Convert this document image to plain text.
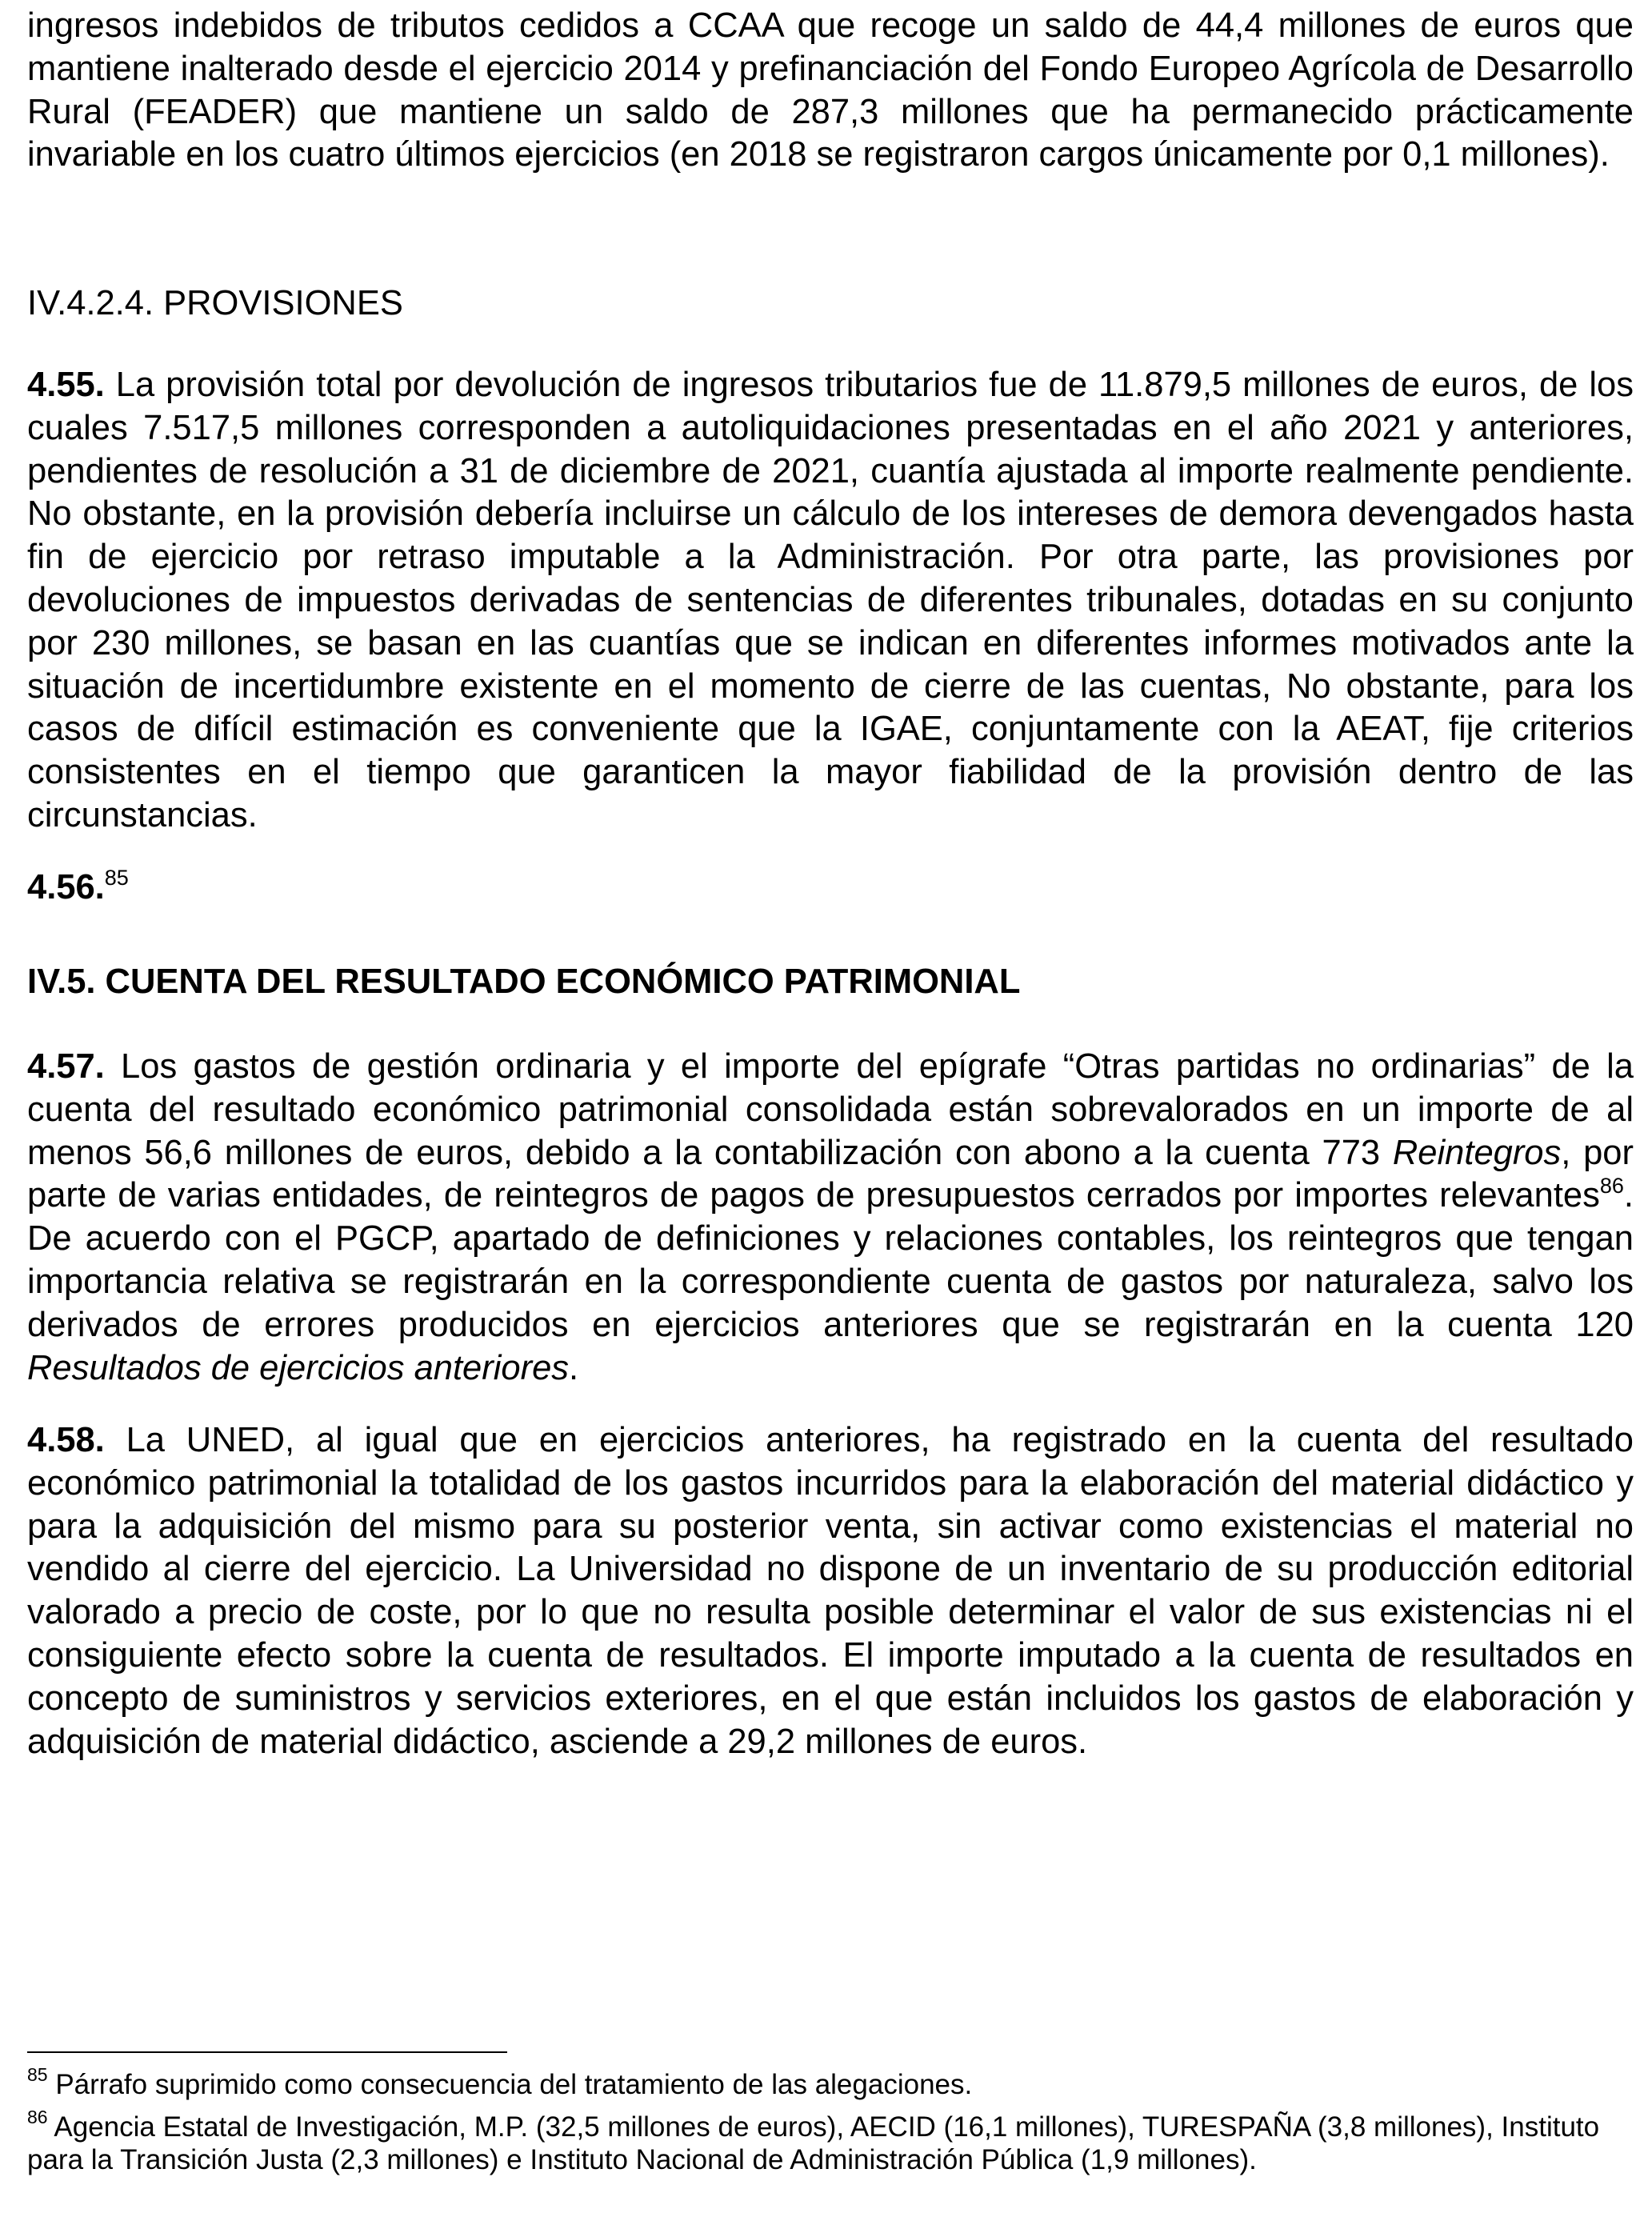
ingresos indebidos de tributos cedidos a CCAA que recoge un saldo de 44,4 millones de euros que mantiene inalterado desde el ejercicio 2014 y prefinanciación del Fondo Europeo Agrícola de Desarrollo Rural (FEADER) que mantiene un saldo de 287,3 millones que ha permanecido prácticamente invariable en los cuatro últimos ejercicios (en 2018 se registraron cargos únicamente por 0,1 millones).

IV.4.2.4. PROVISIONES

4.55. La provisión total por devolución de ingresos tributarios fue de 11.879,5 millones de euros, de los cuales 7.517,5 millones corresponden a autoliquidaciones presentadas en el año 2021 y anteriores, pendientes de resolución a 31 de diciembre de 2021, cuantía ajustada al importe realmente pendiente. No obstante, en la provisión debería incluirse un cálculo de los intereses de demora devengados hasta fin de ejercicio por retraso imputable a la Administración. Por otra parte, las provisiones por devoluciones de impuestos derivadas de sentencias de diferentes tribunales, dotadas en su conjunto por 230 millones, se basan en las cuantías que se indican en diferentes informes motivados ante la situación de incertidumbre existente en el momento de cierre de las cuentas, No obstante, para los casos de difícil estimación es conveniente que la IGAE, conjuntamente con la AEAT, fije criterios consistentes en el tiempo que garanticen la mayor fiabilidad de la provisión dentro de las circunstancias.

4.56.85

IV.5. CUENTA DEL RESULTADO ECONÓMICO PATRIMONIAL

4.57. Los gastos de gestión ordinaria y el importe del epígrafe “Otras partidas no ordinarias” de la cuenta del resultado económico patrimonial consolidada están sobrevalorados en un importe de al menos 56,6 millones de euros, debido a la contabilización con abono a la cuenta 773 Reintegros, por parte de varias entidades, de reintegros de pagos de presupuestos cerrados por importes relevantes$^{86}$. De acuerdo con el PGCP, apartado de definiciones y relaciones contables, los reintegros que tengan importancia relativa se registrarán en la correspondiente cuenta de gastos por naturaleza, salvo los derivados de errores producidos en ejercicios anteriores que se registrarán en la cuenta 120 Resultados de ejercicios anteriores.

4.58. La UNED, al igual que en ejercicios anteriores, ha registrado en la cuenta del resultado económico patrimonial la totalidad de los gastos incurridos para la elaboración del material didáctico y para la adquisición del mismo para su posterior venta, sin activar como existencias el material no vendido al cierre del ejercicio. La Universidad no dispone de un inventario de su producción editorial valorado a precio de coste, por lo que no resulta posible determinar el valor de sus existencias ni el consiguiente efecto sobre la cuenta de resultados. El importe imputado a la cuenta de resultados en concepto de suministros y servicios exteriores, en el que están incluidos los gastos de elaboración y adquisición de material didáctico, asciende a 29,2 millones de euros.

$^{85}$ Párrafo suprimido como consecuencia del tratamiento de las alegaciones.

$^{86}$ Agencia Estatal de Investigación, M.P. (32,5 millones de euros), AECID (16,1 millones), TURESPAÑA (3,8 millones), Instituto para la Transición Justa (2,3 millones) e Instituto Nacional de Administración Pública (1,9 millones).
